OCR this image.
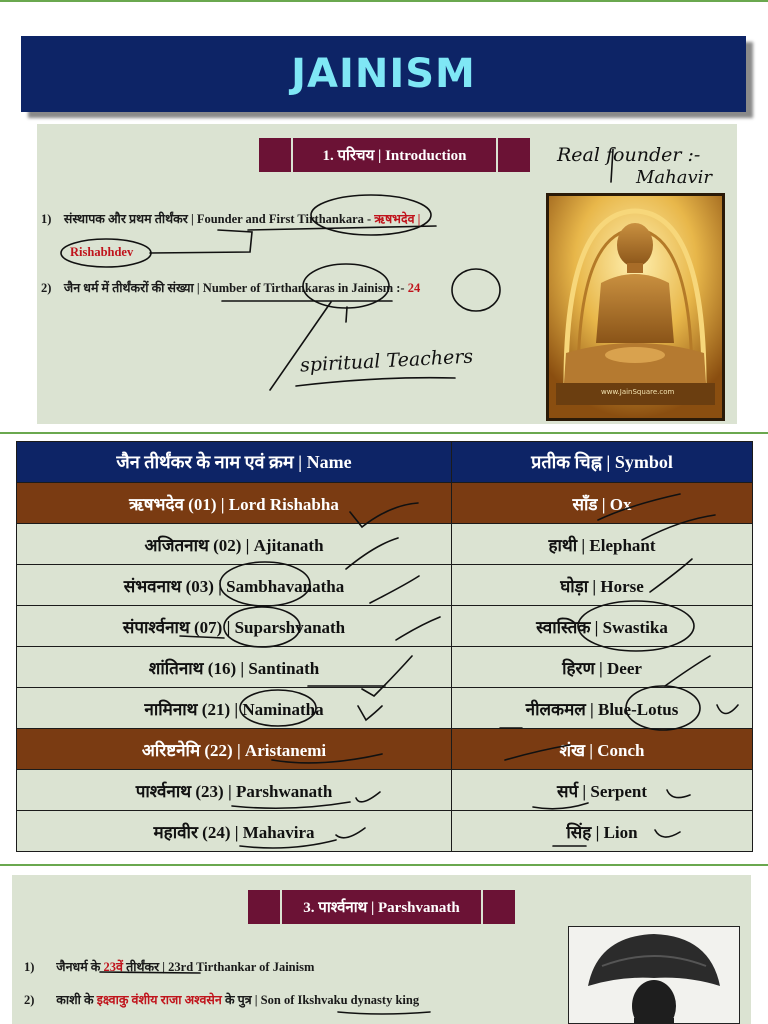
JAINISM
1. परिचय | Introduction
1) संस्थापक और प्रथम तीर्थंकर | Founder and First Tirthankara - ऋषभदेव |
Rishabhdev
2) जैन धर्म में तीर्थंकरों की संख्या | Number of Tirthankaras in Jainism :- 24
Real founder :-
Mahavir
spiritual Teachers
www.JainSquare.com
जैन तीर्थंकर के नाम एवं क्रम | Name	प्रतीक चिह्न | Symbol
ऋषभदेव (01) | Lord Rishabha	साँड | Ox
अजितनाथ (02) | Ajitanath	हाथी | Elephant
संभवनाथ (03) | Sambhavanatha	घोड़ा | Horse
संपार्श्वनाथ (07) | Suparshvanath	स्वास्तिक | Swastika
शांतिनाथ (16) | Santinath	हिरण | Deer
नामिनाथ (21) | Naminatha	नीलकमल | Blue-Lotus
अरिष्टनेमि (22) | Aristanemi	शंख | Conch
पार्श्वनाथ (23) | Parshwanath	सर्प | Serpent
महावीर (24) | Mahavira	सिंह | Lion
3. पार्श्वनाथ | Parshvanath
1) जैनधर्म के 23वें तीर्थंकर | 23rd Tirthankar of Jainism
2) काशी के इक्ष्वाकु वंशीय राजा अश्वसेन के पुत्र | Son of Ikshvaku dynasty king
